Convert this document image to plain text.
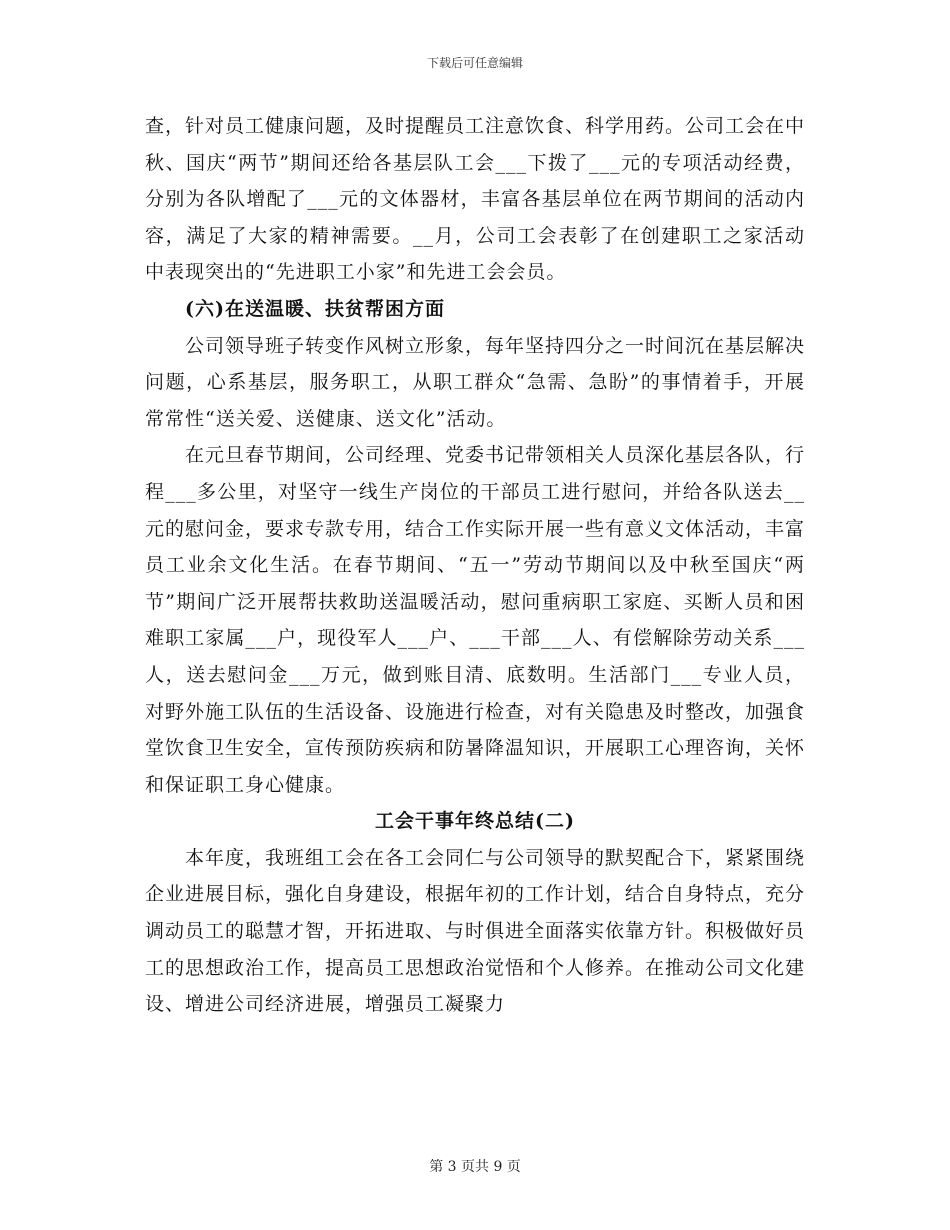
下载后可任意编辑

查，针对员工健康问题，及时提醒员工注意饮食、科学用药。公司工会在中秋、国庆“两节”期间还给各基层队工会___下拨了___元的专项活动经费，分别为各队增配了___元的文体器材，丰富各基层单位在两节期间的活动内容，满足了大家的精神需要。__月，公司工会表彰了在创建职工之家活动中表现突出的“先进职工小家”和先进工会会员。

(六)在送温暖、扶贫帮困方面

公司领导班子转变作风树立形象，每年坚持四分之一时间沉在基层解决问题，心系基层，服务职工，从职工群众“急需、急盼”的事情着手，开展常常性“送关爱、送健康、送文化”活动。

在元旦春节期间，公司经理、党委书记带领相关人员深化基层各队，行程___多公里，对坚守一线生产岗位的干部员工进行慰问，并给各队送去__元的慰问金，要求专款专用，结合工作实际开展一些有意义文体活动，丰富员工业余文化生活。在春节期间、“五一”劳动节期间以及中秋至国庆“两节”期间广泛开展帮扶救助送温暖活动，慰问重病职工家庭、买断人员和困难职工家属___户，现役军人___户、___干部___人、有偿解除劳动关系___人，送去慰问金___万元，做到账目清、底数明。生活部门___专业人员，对野外施工队伍的生活设备、设施进行检查，对有关隐患及时整改，加强食堂饮食卫生安全，宣传预防疾病和防暑降温知识，开展职工心理咨询，关怀和保证职工身心健康。

工会干事年终总结(二)

本年度，我班组工会在各工会同仁与公司领导的默契配合下，紧紧围绕企业进展目标，强化自身建设，根据年初的工作计划，结合自身特点，充分调动员工的聪慧才智，开拓进取、与时俱进全面落实依靠方针。积极做好员工的思想政治工作，提高员工思想政治觉悟和个人修养。在推动公司文化建设、增进公司经济进展，增强员工凝聚力

第 3 页共 9 页
